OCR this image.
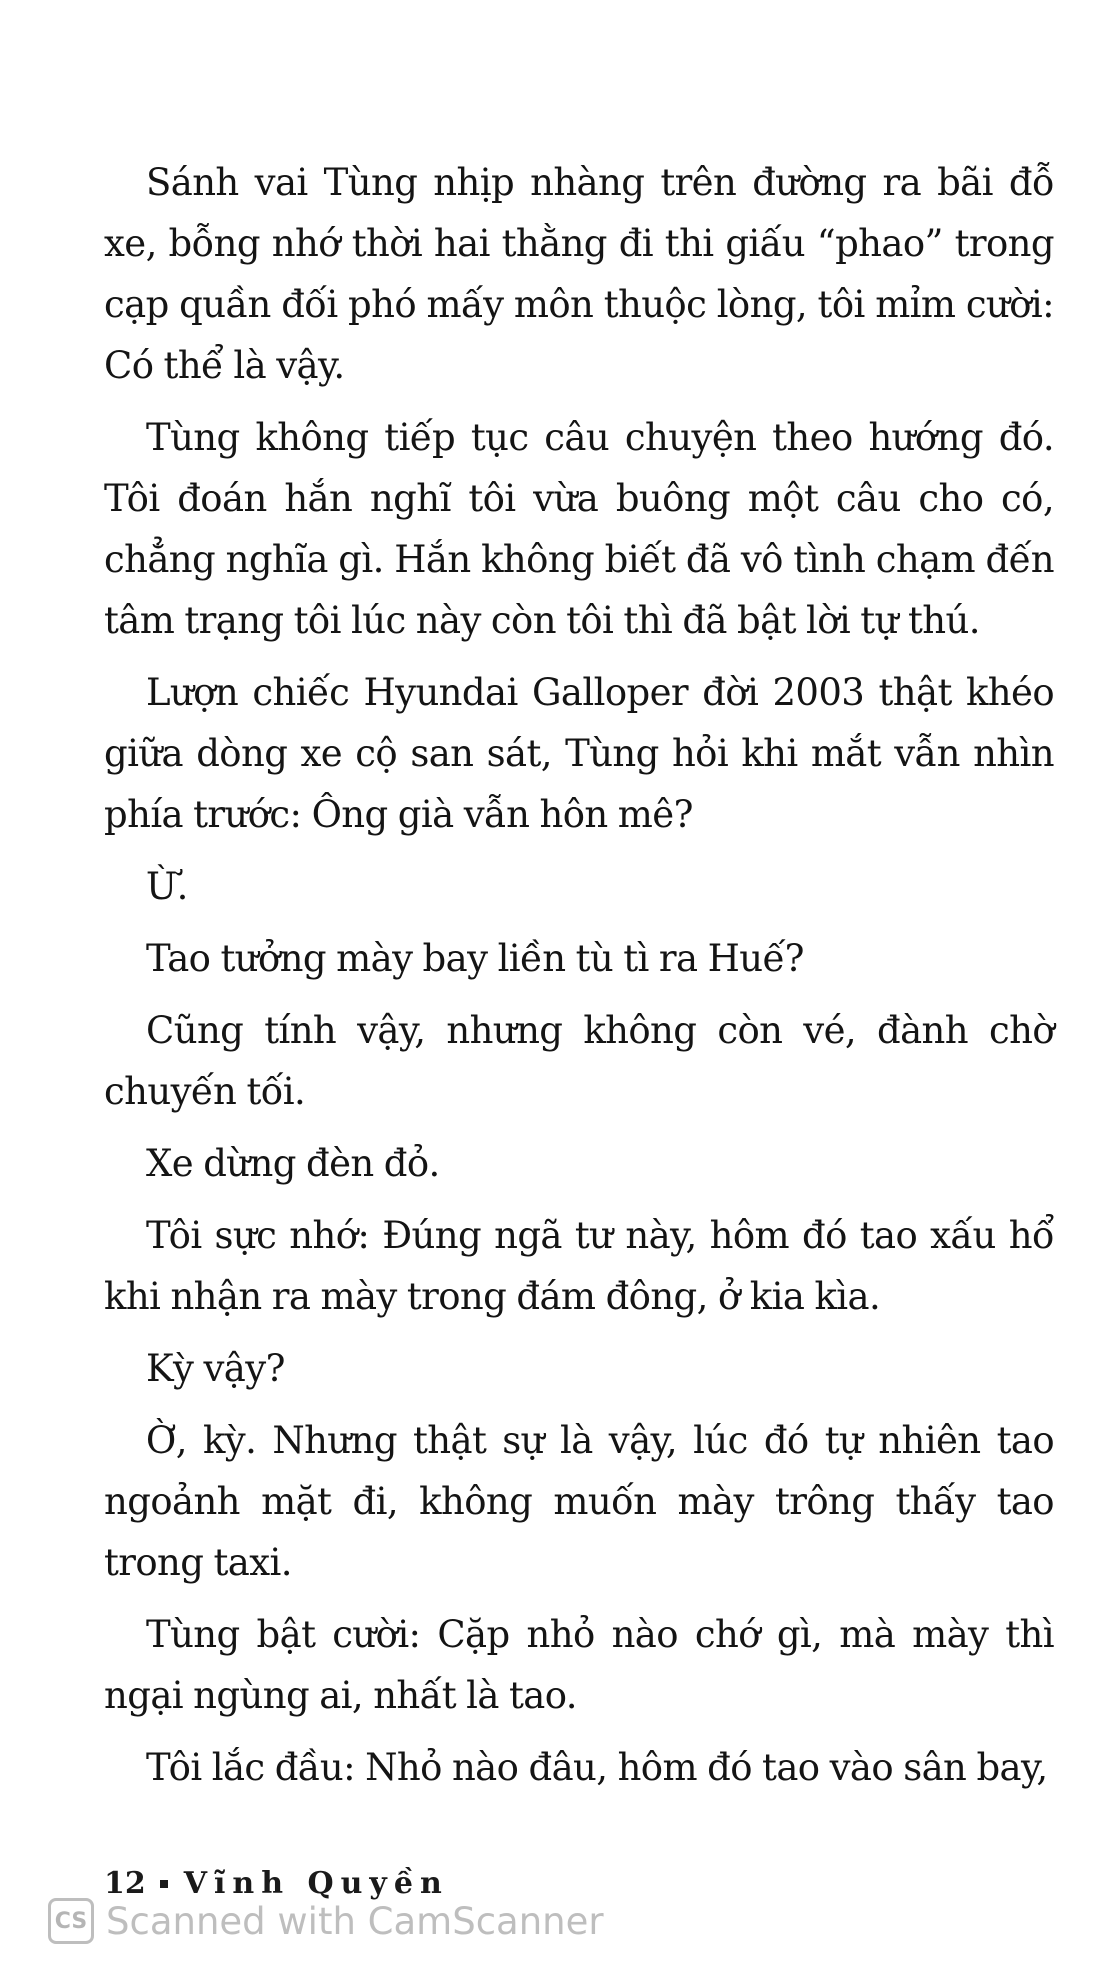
Sánh vai Tùng nhịp nhàng trên đường ra bãi đỗ xe, bỗng nhớ thời hai thằng đi thi giấu “phao” trong cạp quần đối phó mấy môn thuộc lòng, tôi mỉm cười: Có thể là vậy.

Tùng không tiếp tục câu chuyện theo hướng đó. Tôi đoán hắn nghĩ tôi vừa buông một câu cho có, chẳng nghĩa gì. Hắn không biết đã vô tình chạm đến tâm trạng tôi lúc này còn tôi thì đã bật lời tự thú.

Lượn chiếc Hyundai Galloper đời 2003 thật khéo giữa dòng xe cộ san sát, Tùng hỏi khi mắt vẫn nhìn phía trước: Ông già vẫn hôn mê?

Ừ.

Tao tưởng mày bay liền tù tì ra Huế?

Cũng tính vậy, nhưng không còn vé, đành chờ chuyến tối.

Xe dừng đèn đỏ.

Tôi sực nhớ: Đúng ngã tư này, hôm đó tao xấu hổ khi nhận ra mày trong đám đông, ở kia kìa.

Kỳ vậy?

Ờ, kỳ. Nhưng thật sự là vậy, lúc đó tự nhiên tao ngoảnh mặt đi, không muốn mày trông thấy tao trong taxi.

Tùng bật cười: Cặp nhỏ nào chớ gì, mà mày thì ngại ngùng ai, nhất là tao.

Tôi lắc đầu: Nhỏ nào đâu, hôm đó tao vào sân bay,

12 Vĩnh Quyền
CS Scanned with CamScanner
